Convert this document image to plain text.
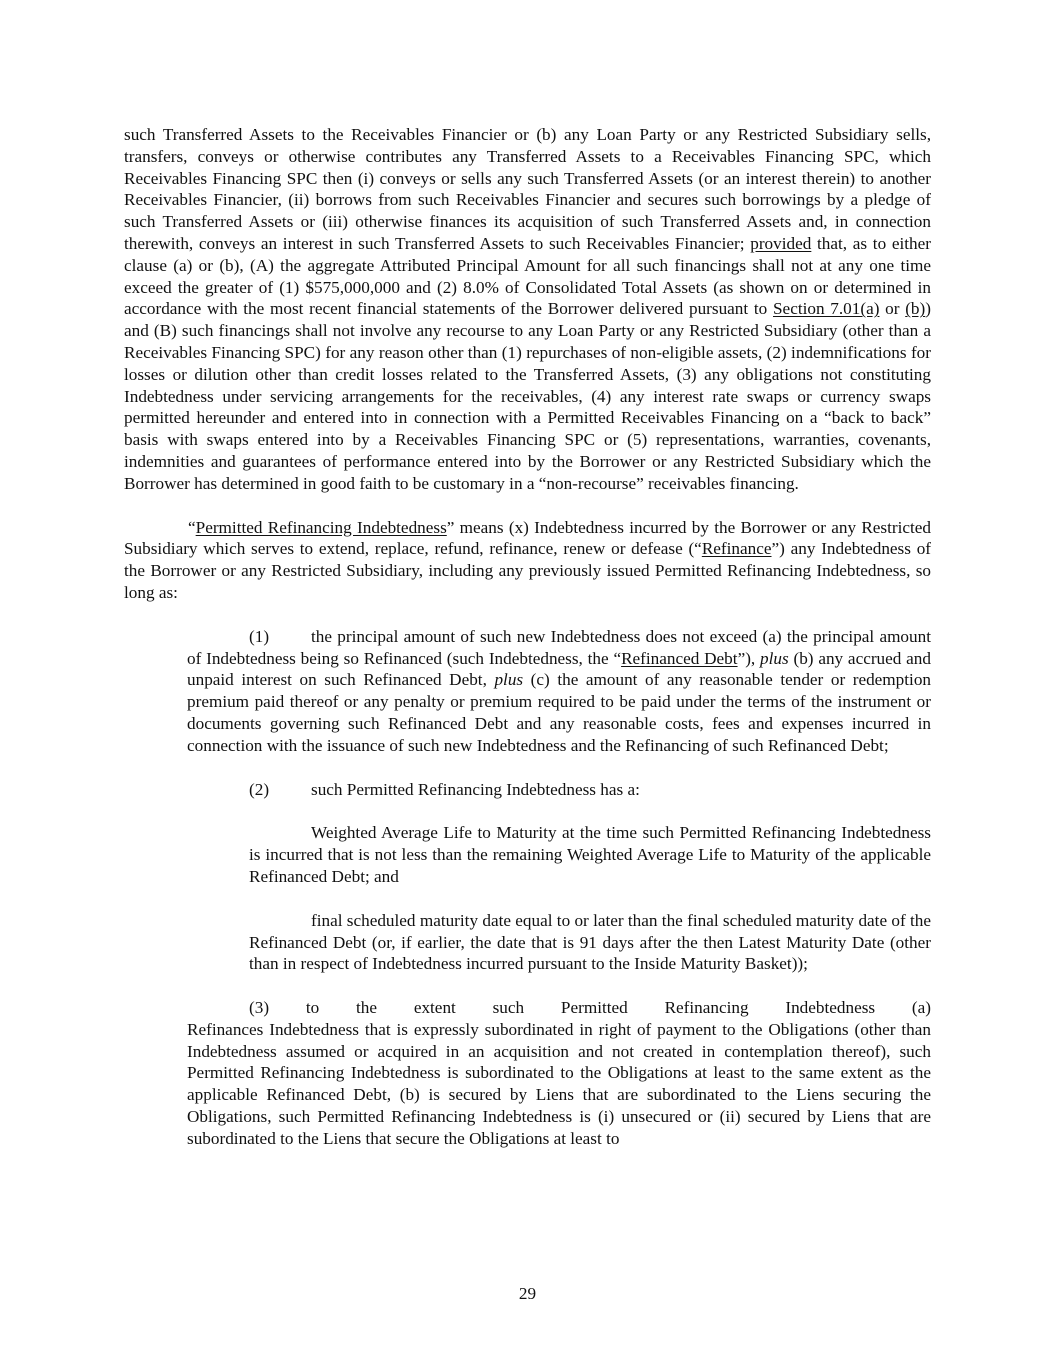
such Transferred Assets to the Receivables Financier or (b) any Loan Party or any Restricted Subsidiary sells, transfers, conveys or otherwise contributes any Transferred Assets to a Receivables Financing SPC, which Receivables Financing SPC then (i) conveys or sells any such Transferred Assets (or an interest therein) to another Receivables Financier, (ii) borrows from such Receivables Financier and secures such borrowings by a pledge of such Transferred Assets or (iii) otherwise finances its acquisition of such Transferred Assets and, in connection therewith, conveys an interest in such Transferred Assets to such Receivables Financier; provided that, as to either clause (a) or (b), (A) the aggregate Attributed Principal Amount for all such financings shall not at any one time exceed the greater of (1) $575,000,000 and (2) 8.0% of Consolidated Total Assets (as shown on or determined in accordance with the most recent financial statements of the Borrower delivered pursuant to Section 7.01(a) or (b)) and (B) such financings shall not involve any recourse to any Loan Party or any Restricted Subsidiary (other than a Receivables Financing SPC) for any reason other than (1) repurchases of non-eligible assets, (2) indemnifications for losses or dilution other than credit losses related to the Transferred Assets, (3) any obligations not constituting Indebtedness under servicing arrangements for the receivables, (4) any interest rate swaps or currency swaps permitted hereunder and entered into in connection with a Permitted Receivables Financing on a “back to back” basis with swaps entered into by a Receivables Financing SPC or (5) representations, warranties, covenants, indemnities and guarantees of performance entered into by the Borrower or any Restricted Subsidiary which the Borrower has determined in good faith to be customary in a “non-recourse” receivables financing.

“Permitted Refinancing Indebtedness” means (x) Indebtedness incurred by the Borrower or any Restricted Subsidiary which serves to extend, replace, refund, refinance, renew or defease (“Refinance”) any Indebtedness of the Borrower or any Restricted Subsidiary, including any previously issued Permitted Refinancing Indebtedness, so long as:

(1) the principal amount of such new Indebtedness does not exceed (a) the principal amount of Indebtedness being so Refinanced (such Indebtedness, the “Refinanced Debt”), plus (b) any accrued and unpaid interest on such Refinanced Debt, plus (c) the amount of any reasonable tender or redemption premium paid thereof or any penalty or premium required to be paid under the terms of the instrument or documents governing such Refinanced Debt and any reasonable costs, fees and expenses incurred in connection with the issuance of such new Indebtedness and the Refinancing of such Refinanced Debt;

(2) such Permitted Refinancing Indebtedness has a:

Weighted Average Life to Maturity at the time such Permitted Refinancing Indebtedness is incurred that is not less than the remaining Weighted Average Life to Maturity of the applicable Refinanced Debt; and

final scheduled maturity date equal to or later than the final scheduled maturity date of the Refinanced Debt (or, if earlier, the date that is 91 days after the then Latest Maturity Date (other than in respect of Indebtedness incurred pursuant to the Inside Maturity Basket));

(3) to the extent such Permitted Refinancing Indebtedness (a)

Refinances Indebtedness that is expressly subordinated in right of payment to the Obligations (other than Indebtedness assumed or acquired in an acquisition and not created in contemplation thereof), such Permitted Refinancing Indebtedness is subordinated to the Obligations at least to the same extent as the applicable Refinanced Debt, (b) is secured by Liens that are subordinated to the Liens securing the Obligations, such Permitted Refinancing Indebtedness is (i) unsecured or (ii) secured by Liens that are subordinated to the Liens that secure the Obligations at least to

29
